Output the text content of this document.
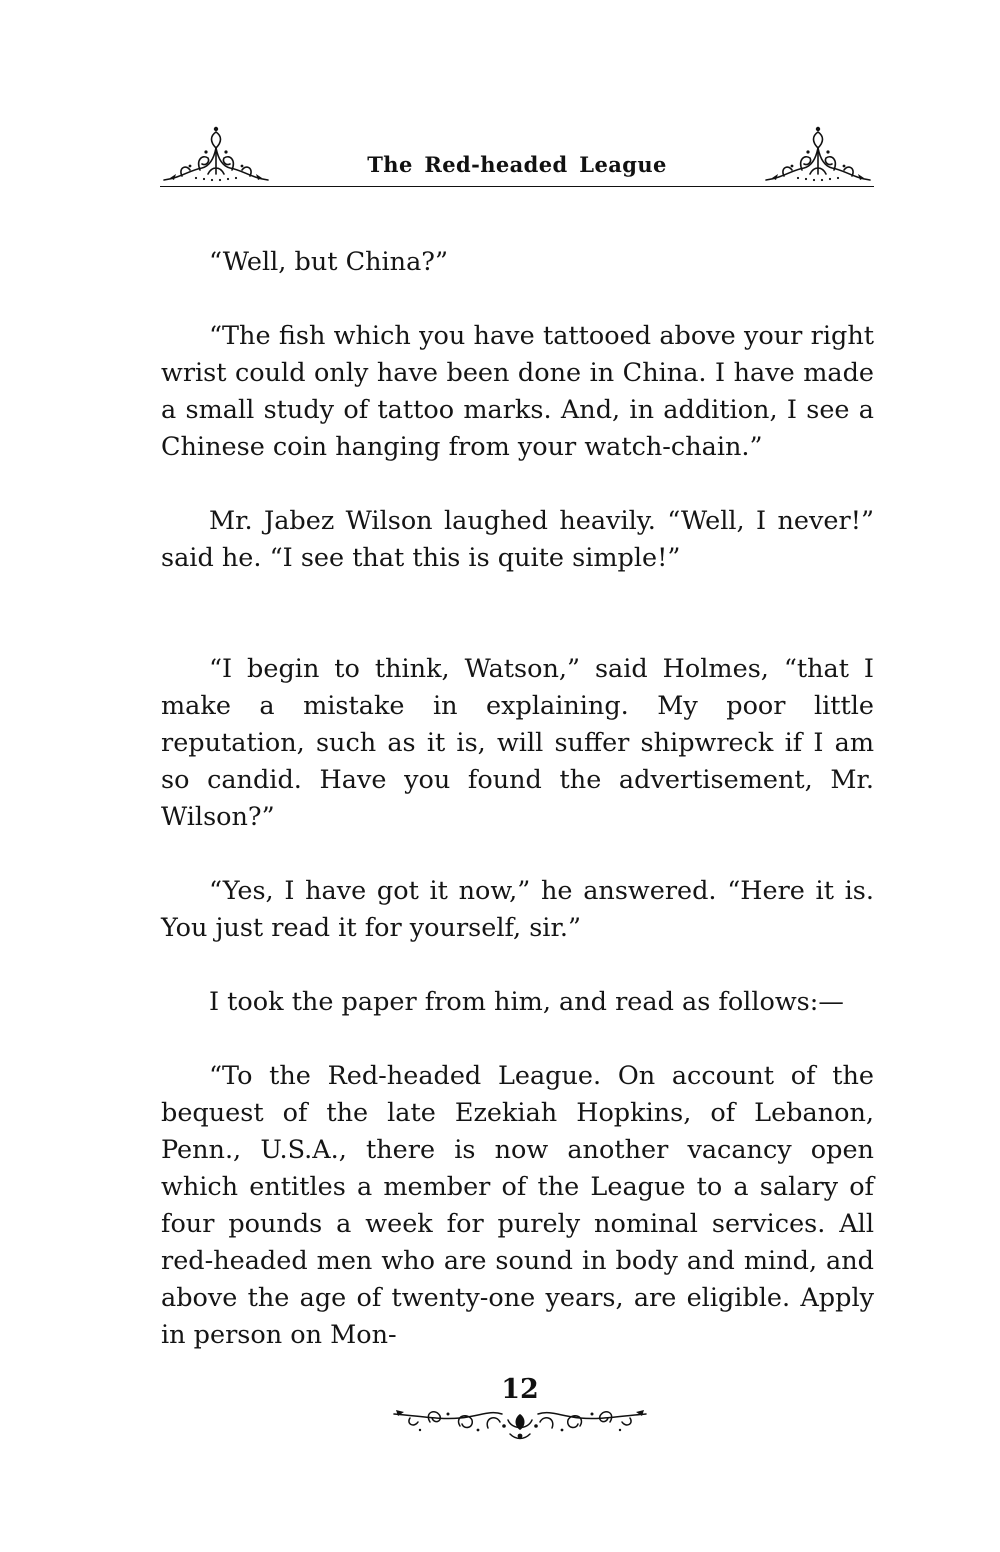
The Red-headed League

“Well, but China?”

“The fish which you have tattooed above your right wrist could only have been done in China. I have made a small study of tattoo marks. And, in addition, I see a Chinese coin hanging from your watch-chain.”

Mr. Jabez Wilson laughed heavily. “Well, I never!” said he. “I see that this is quite simple!”

“I begin to think, Watson,” said Holmes, “that I make a mistake in explaining. My poor little reputation, such as it is, will suffer shipwreck if I am so candid. Have you found the advertisement, Mr. Wilson?”

“Yes, I have got it now,” he answered. “Here it is. You just read it for yourself, sir.”

I took the paper from him, and read as follows:—

“To the Red-headed League. On account of the bequest of the late Ezekiah Hopkins, of Lebanon, Penn., U.S.A., there is now another vacancy open which entitles a member of the League to a salary of four pounds a week for purely nominal services. All red-headed men who are sound in body and mind, and above the age of twenty-one years, are eligible. Apply in person on Mon-

12
